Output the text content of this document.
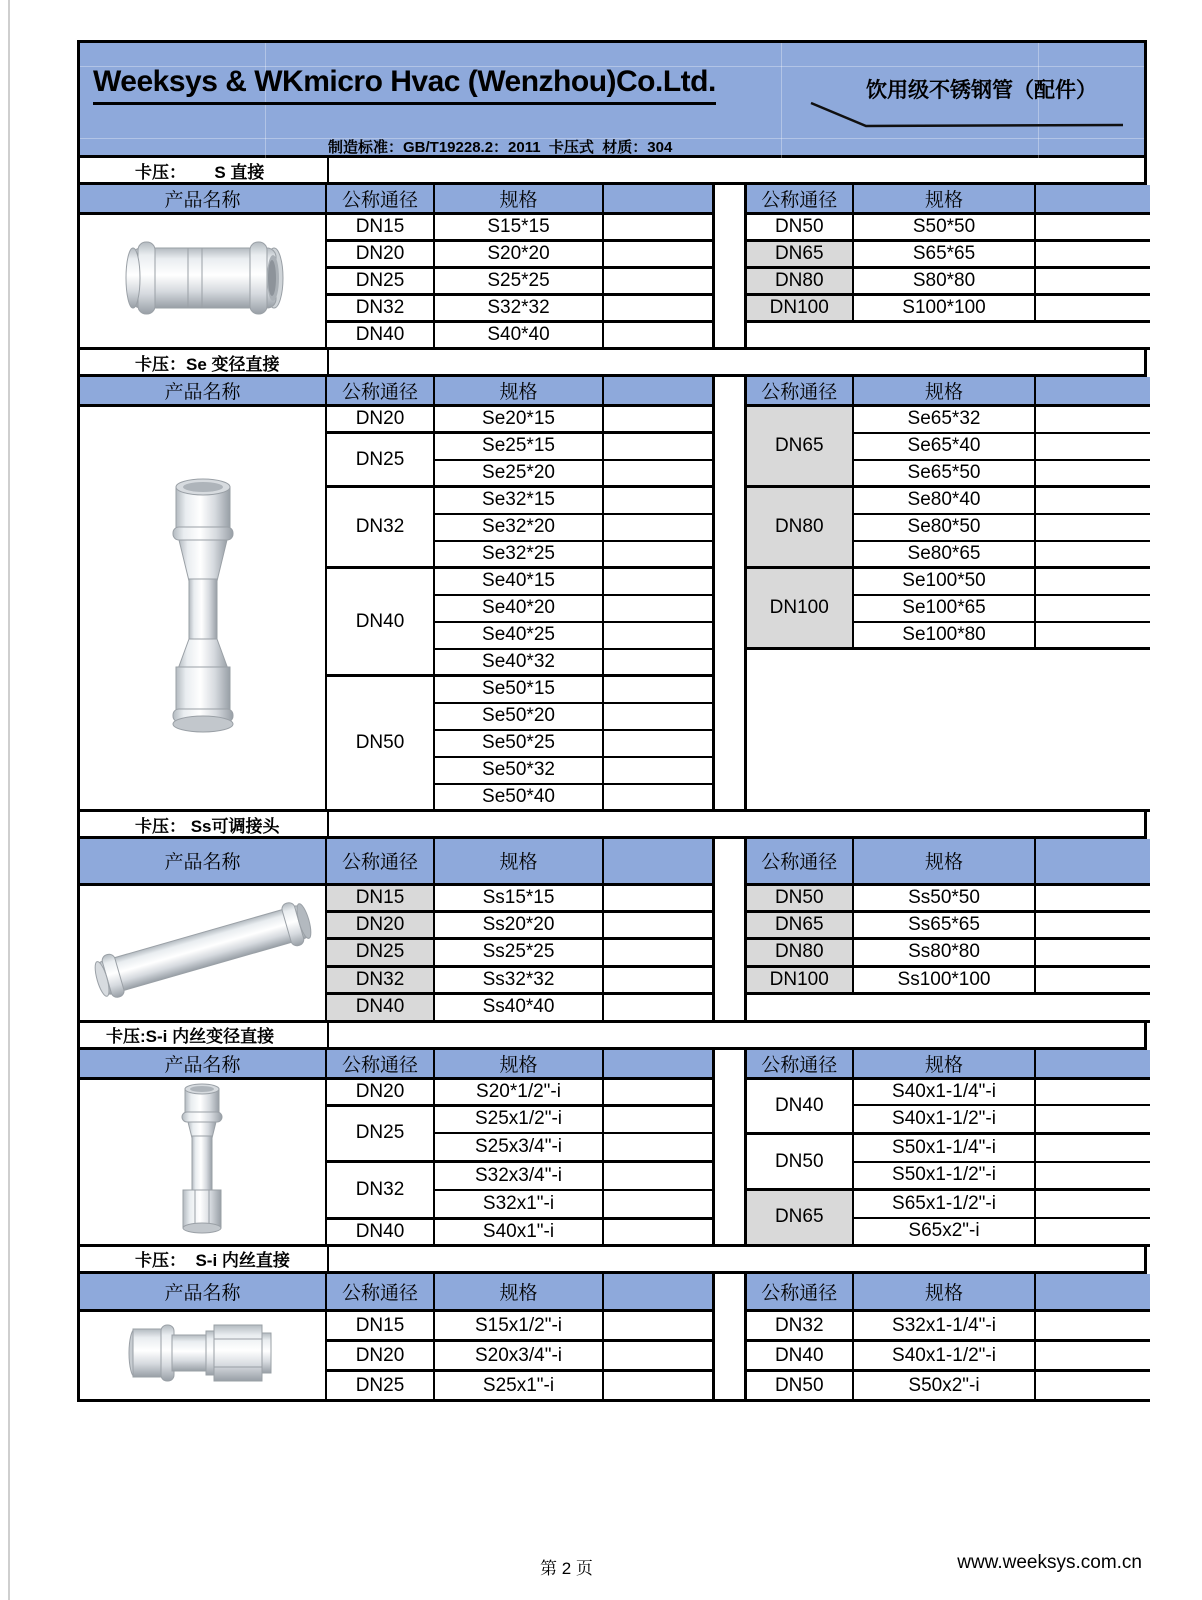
Weeksys & WKmicro Hvac (Wenzhou)Co.Ltd.	饮用级不锈钢管（配件）
制造标准：GB/T19228.2：2011  卡压式  材质：304
卡压：      S 直接
产品名称	公称通径	规格			公称通径	规格	
	DN15	S15*15			DN50	S50*50	
	DN20	S20*20			DN65	S65*65	
	DN25	S25*25			DN80	S80*80	
	DN32	S32*32			DN100	S100*100	
	DN40	S40*40					
卡压：Se 变径直接
产品名称	公称通径	规格			公称通径	规格	
	DN20	Se20*15			DN65	Se65*32	
	DN25	Se25*15				Se65*40	
		Se25*20				Se65*50	
	DN32	Se32*15			DN80	Se80*40	
		Se32*20				Se80*50	
		Se32*25				Se80*65	
	DN40	Se40*15			DN100	Se100*50	
		Se40*20				Se100*65	
		Se40*25				Se100*80	
		Se40*32					
	DN50	Se50*15					
		Se50*20					
		Se50*25					
		Se50*32					
		Se50*40					
卡压： Ss可调接头
产品名称	公称通径	规格			公称通径	规格	
	DN15	Ss15*15			DN50	Ss50*50	
	DN20	Ss20*20			DN65	Ss65*65	
	DN25	Ss25*25			DN80	Ss80*80	
	DN32	Ss32*32			DN100	Ss100*100	
	DN40	Ss40*40					
卡压:S-i 内丝变径直接
产品名称	公称通径	规格			公称通径	规格	
	DN20	S20*1/2"-i			DN40	S40x1-1/4"-i	
	DN25	S25x1/2"-i				S40x1-1/2"-i	
		S25x3/4"-i			DN50	S50x1-1/4"-i	
	DN32	S32x3/4"-i				S50x1-1/2"-i	
		S32x1"-i			DN65	S65x1-1/2"-i	
	DN40	S40x1"-i				S65x2"-i	
卡压：  S-i 内丝直接
产品名称	公称通径	规格			公称通径	规格	
	DN15	S15x1/2"-i			DN32	S32x1-1/4"-i	
	DN20	S20x3/4"-i			DN40	S40x1-1/2"-i	
	DN25	S25x1"-i			DN50	S50x2"-i	
第 2 页	www.weeksys.com.cn
